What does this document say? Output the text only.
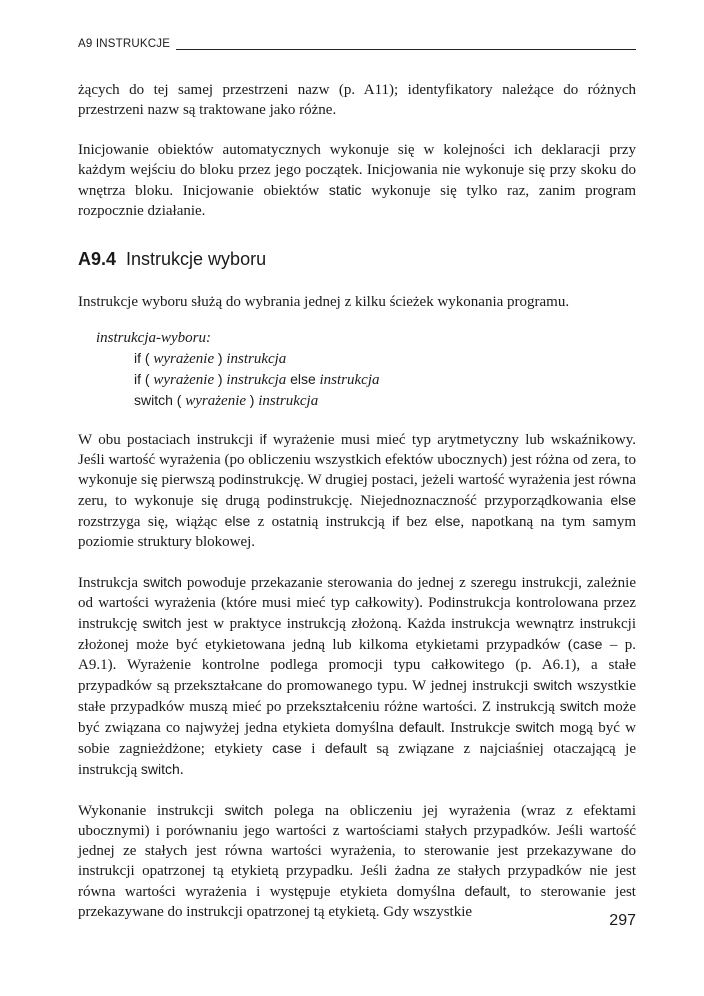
A9 INSTRUKCJE

żących do tej samej przestrzeni nazw (p. A11); identyfikatory należące do różnych przestrzeni nazw są traktowane jako różne.

Inicjowanie obiektów automatycznych wykonuje się w kolejności ich deklaracji przy każdym wejściu do bloku przez jego początek. Inicjowania nie wykonuje się przy skoku do wnętrza bloku. Inicjowanie obiektów static wykonuje się tylko raz, zanim program rozpocznie działanie.

A9.4 Instrukcje wyboru

Instrukcje wyboru służą do wybrania jednej z kilku ścieżek wykonania programu.

instrukcja-wyboru:
if ( wyrażenie ) instrukcja
if ( wyrażenie ) instrukcja else instrukcja
switch ( wyrażenie ) instrukcja

W obu postaciach instrukcji if wyrażenie musi mieć typ arytmetyczny lub wskaźnikowy. Jeśli wartość wyrażenia (po obliczeniu wszystkich efektów ubocznych) jest różna od zera, to wykonuje się pierwszą podinstrukcję. W drugiej postaci, jeżeli wartość wyrażenia jest równa zeru, to wykonuje się drugą podinstrukcję. Niejednoznaczność przyporządkowania else rozstrzyga się, wiążąc else z ostatnią instrukcją if bez else, napotkaną na tym samym poziomie struktury blokowej.

Instrukcja switch powoduje przekazanie sterowania do jednej z szeregu instrukcji, zależnie od wartości wyrażenia (które musi mieć typ całkowity). Podinstrukcja kontrolowana przez instrukcję switch jest w praktyce instrukcją złożoną. Każda instrukcja wewnątrz instrukcji złożonej może być etykietowana jedną lub kilkoma etykietami przypadków (case – p. A9.1). Wyrażenie kontrolne podlega promocji typu całkowitego (p. A6.1), a stałe przypadków są przekształcane do promowanego typu. W jednej instrukcji switch wszystkie stałe przypadków muszą mieć po przekształceniu różne wartości. Z instrukcją switch może być związana co najwyżej jedna etykieta domyślna default. Instrukcje switch mogą być w sobie zagnieżdżone; etykiety case i default są związane z najciaśniej otaczającą je instrukcją switch.

Wykonanie instrukcji switch polega na obliczeniu jej wyrażenia (wraz z efektami ubocznymi) i porównaniu jego wartości z wartościami stałych przypadków. Jeśli wartość jednej ze stałych jest równa wartości wyrażenia, to sterowanie jest przekazywane do instrukcji opatrzonej tą etykietą przypadku. Jeśli żadna ze stałych przypadków nie jest równa wartości wyrażenia i występuje etykieta domyślna default, to sterowanie jest przekazywane do instrukcji opatrzonej tą etykietą. Gdy wszystkie	297
